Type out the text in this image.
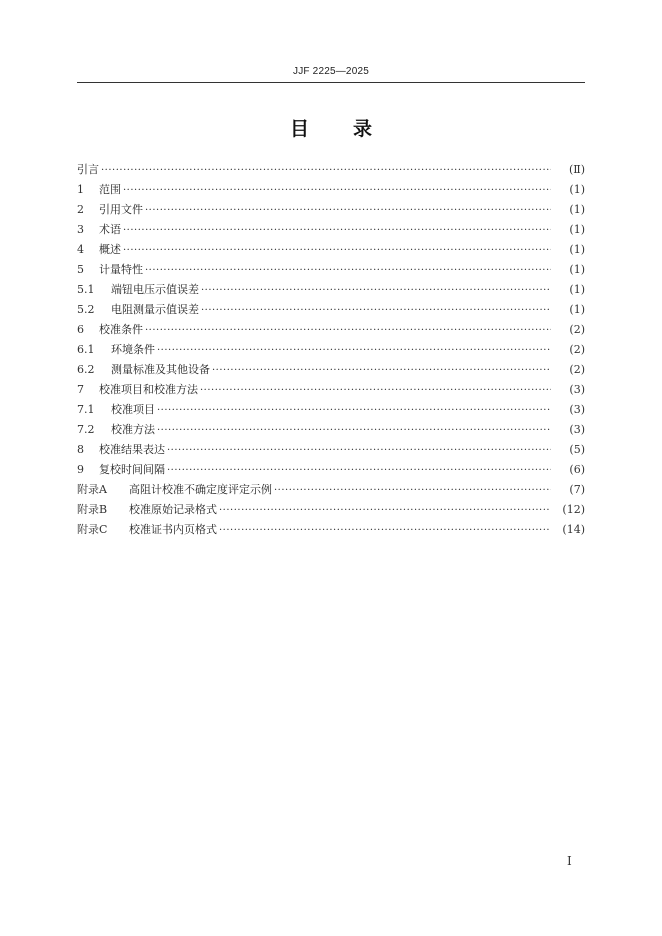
JJF 2225—2025
目录
引言 ·····	(Ⅱ)
1	范围 ·····	(1)
2	引用文件 ·····	(1)
3	术语 ·····	(1)
4	概述 ·····	(1)
5	计量特性 ·····	(1)
5.1	端钮电压示值误差 ·····	(1)
5.2	电阻测量示值误差 ·····	(1)
6	校准条件 ·····	(2)
6.1	环境条件 ·····	(2)
6.2	测量标准及其他设备 ·····	(2)
7	校准项目和校准方法 ·····	(3)
7.1	校准项目 ·····	(3)
7.2	校准方法 ·····	(3)
8	校准结果表达 ·····	(5)
9	复校时间间隔 ·····	(6)
附录A	高阻计校准不确定度评定示例 ·····	(7)
附录B	校准原始记录格式 ·····	(12)
附录C	校准证书内页格式 ·····	(14)
Ⅰ
